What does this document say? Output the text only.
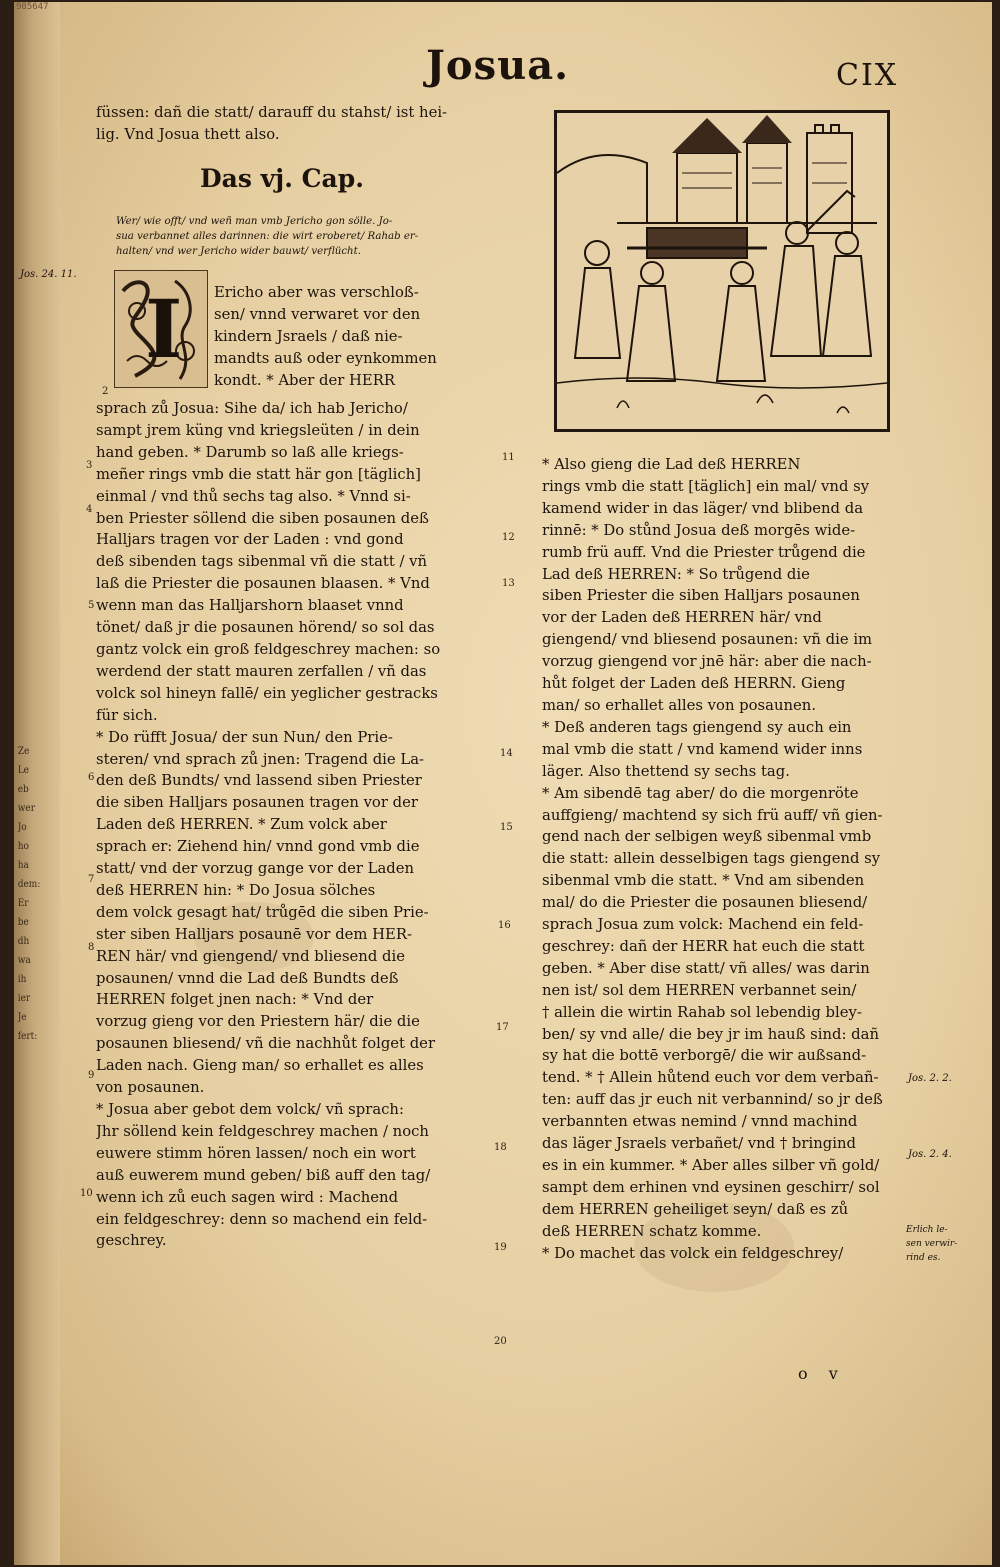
985647
Ze
Le
eb
wer
Jo
ho
ha
dem:
Er
be
dh
wa
ih
ier
Je
fert:
Josua.	CIX
füssen: dañ die statt/ darauff du stahst/ ist hei-
lig. Vnd Josua thett also.
Das vj. Cap.
Wer/ wie offt/ vnd weñ man vmb Jericho gon sölle. Jo-
sua verbannet alles darinnen: die wirt eroberet/ Rahab er-
halten/ vnd wer Jericho wider bauwt/ verflücht.
Jos. 24. 11.
I Ericho aber was verschloß-
sen/ vnnd verwaret vor den
kindern Jsraels / daß nie-
mandts auß oder eynkommen
kondt. * Aber der HERR
sprach zů Josua: Sihe da/ ich hab Jericho/
sampt jrem küng vnd kriegsleüten / in dein
hand geben. * Darumb so laß alle kriegs-
meñer rings vmb die statt här gon [täglich]
einmal / vnd thů sechs tag also. * Vnnd si-
ben Priester söllend die siben posaunen deß
Halljars tragen vor der Laden : vnd gond
deß sibenden tags sibenmal vñ die statt / vñ
laß die Priester die posaunen blaasen. * Vnd
wenn man das Halljarshorn blaaset vnnd
tönet/ daß jr die posaunen hörend/ so sol das
gantz volck ein groß feldgeschrey machen: so
werdend der statt mauren zerfallen / vñ das
volck sol hineyn fallē/ ein yeglicher gestracks
für sich.
* Do rüfft Josua/ der sun Nun/ den Prie-
steren/ vnd sprach zů jnen: Tragend die La-
den deß Bundts/ vnd lassend siben Priester
die siben Halljars posaunen tragen vor der
Laden deß HERREN. * Zum volck aber
sprach er: Ziehend hin/ vnnd gond vmb die
statt/ vnd der vorzug gange vor der Laden
deß HERREN hin: * Do Josua sölches
dem volck gesagt hat/ trůgēd die siben Prie-
ster siben Halljars posaunē vor dem HER-
REN här/ vnd giengend/ vnd bliesend die
posaunen/ vnnd die Lad deß Bundts deß
HERREN folget jnen nach: * Vnd der
vorzug gieng vor den Priestern här/ die die
posaunen bliesend/ vñ die nachhůt folget der
Laden nach. Gieng man/ so erhallet es alles
von posaunen.
* Josua aber gebot dem volck/ vñ sprach:
Jhr söllend kein feldgeschrey machen / noch
euwere stimm hören lassen/ noch ein wort
auß euwerem mund geben/ biß auff den tag/
wenn ich zů euch sagen wird : Machend
ein feldgeschrey: denn so machend ein feld-
geschrey.
* Also gieng die Lad deß HERREN
rings vmb die statt [täglich] ein mal/ vnd sy
kamend wider in das läger/ vnd blibend da
rinnē: * Do stůnd Josua deß morgēs wide-
rumb frü auff. Vnd die Priester trůgend die
Lad deß HERREN: * So trůgend die
siben Priester die siben Halljars posaunen
vor der Laden deß HERREN här/ vnd
giengend/ vnd bliesend posaunen: vñ die im
vorzug giengend vor jnē här: aber die nach-
hůt folget der Laden deß HERRN. Gieng
man/ so erhallet alles von posaunen.
* Deß anderen tags giengend sy auch ein
mal vmb die statt / vnd kamend wider inns
läger. Also thettend sy sechs tag.
* Am sibendē tag aber/ do die morgenröte
auffgieng/ machtend sy sich frü auff/ vñ gien-
gend nach der selbigen weyß sibenmal vmb
die statt: allein desselbigen tags giengend sy
sibenmal vmb die statt. * Vnd am sibenden
mal/ do die Priester die posaunen bliesend/
sprach Josua zum volck: Machend ein feld-
geschrey: dañ der HERR hat euch die statt
geben. * Aber dise statt/ vñ alles/ was darin
nen ist/ sol dem HERREN verbannet sein/
† allein die wirtin Rahab sol lebendig bley-
ben/ sy vnd alle/ die bey jr im hauß sind: dañ
sy hat die bottē verborgē/ die wir außsand-
tend. * † Allein hůtend euch vor dem verbañ-
ten: auff das jr euch nit verbannind/ so jr deß
verbannten etwas nemind / vnnd machind
das läger Jsraels verbañet/ vnd † bringind
es in ein kummer. * Aber alles silber vñ gold/
sampt dem erhinen vnd eysinen geschirr/ sol
dem HERREN geheiliget seyn/ daß es zů
deß HERREN schatz komme.
* Do machet das volck ein feldgeschrey/
Jos. 2. 2.
Jos. 2. 4.
Erlich le-
sen verwir-
rind es.
o v
2
3
4
5
6
7
8
9
10
11
12
13
14
15
16
17
18
19
20
